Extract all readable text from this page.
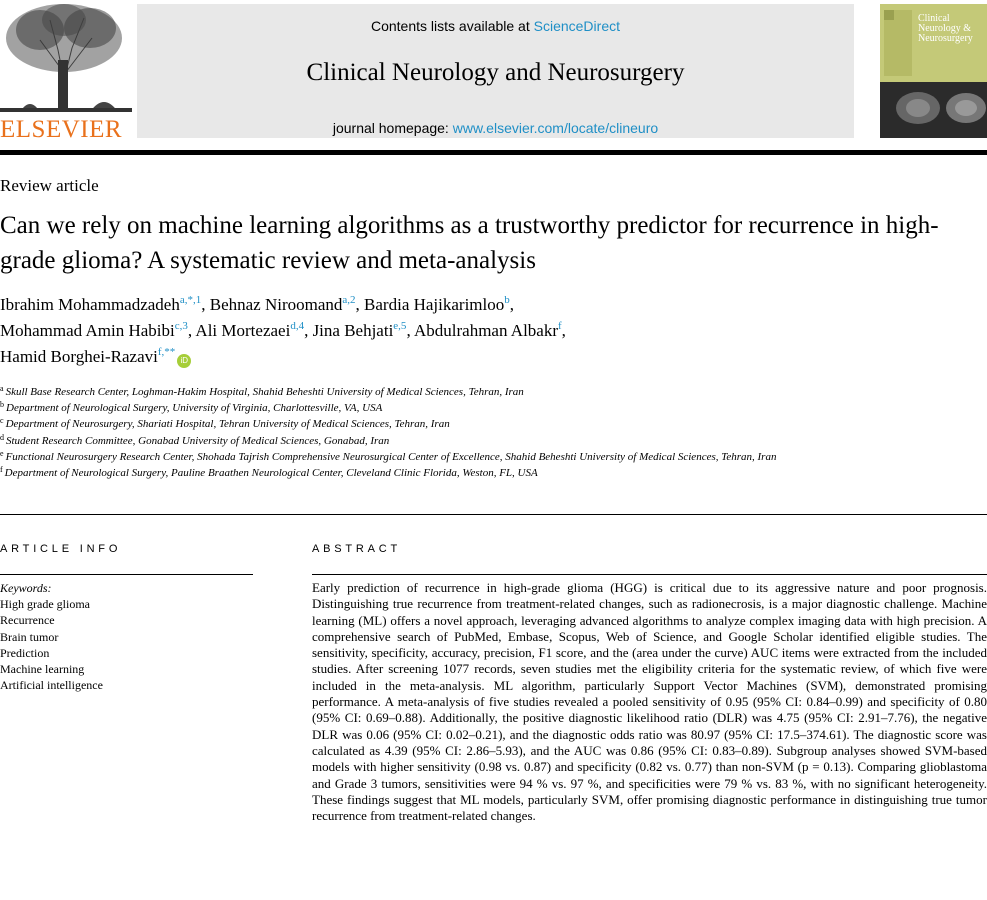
ELSEVIER
Contents lists available at ScienceDirect
Clinical Neurology and Neurosurgery
journal homepage: www.elsevier.com/locate/clineuro
Clinical
Neurology &
Neurosurgery
Review article
Can we rely on machine learning algorithms as a trustworthy predictor for recurrence in high-grade glioma? A systematic review and meta-analysis
Ibrahim Mohammadzadeh$^{a,*,1}$, Behnaz Niroomand$^{a,2}$, Bardia Hajikarimloo$^b$,
Mohammad Amin Habibi$^{c,3}$, Ali Mortezaei$^{d,4}$, Jina Behjati$^{e,5}$, Abdulrahman Albakr$^f$,
Hamid Borghei-Razavi$^{f,**}$iD
$^a$ Skull Base Research Center, Loghman-Hakim Hospital, Shahid Beheshti University of Medical Sciences, Tehran, Iran
$^b$ Department of Neurological Surgery, University of Virginia, Charlottesville, VA, USA
$^c$ Department of Neurosurgery, Shariati Hospital, Tehran University of Medical Sciences, Tehran, Iran
$^d$ Student Research Committee, Gonabad University of Medical Sciences, Gonabad, Iran
$^e$ Functional Neurosurgery Research Center, Shohada Tajrish Comprehensive Neurosurgical Center of Excellence, Shahid Beheshti University of Medical Sciences, Tehran, Iran
$^f$ Department of Neurological Surgery, Pauline Braathen Neurological Center, Cleveland Clinic Florida, Weston, FL, USA
ARTICLE INFO	ABSTRACT
Keywords:
High grade glioma
Recurrence
Brain tumor
Prediction
Machine learning
Artificial intelligence
Early prediction of recurrence in high-grade glioma (HGG) is critical due to its aggressive nature and poor prognosis. Distinguishing true recurrence from treatment-related changes, such as radionecrosis, is a major diagnostic challenge. Machine learning (ML) offers a novel approach, leveraging advanced algorithms to analyze complex imaging data with high precision. A comprehensive search of PubMed, Embase, Scopus, Web of Science, and Google Scholar identified eligible studies. The sensitivity, specificity, accuracy, precision, F1 score, and the (area under the curve) AUC items were extracted from the included studies. After screening 1077 records, seven studies met the eligibility criteria for the systematic review, of which five were included in the meta-analysis. ML algorithm, particularly Support Vector Machines (SVM), demonstrated promising performance. A meta-analysis of five studies revealed a pooled sensitivity of 0.95 (95% CI: 0.84–0.99) and specificity of 0.80 (95% CI: 0.69–0.88). Additionally, the positive diagnostic likelihood ratio (DLR) was 4.75 (95% CI: 2.91–7.76), the negative DLR was 0.06 (95% CI: 0.02–0.21), and the diagnostic odds ratio was 80.97 (95% CI: 17.5–374.61). The diagnostic score was calculated as 4.39 (95% CI: 2.86–5.93), and the AUC was 0.86 (95% CI: 0.83–0.89). Subgroup analyses showed SVM-based models with higher sensitivity (0.98 vs. 0.87) and specificity (0.82 vs. 0.77) than non-SVM (p = 0.13). Comparing glioblastoma and Grade 3 tumors, sensitivities were 94 % vs. 97 %, and specificities were 79 % vs. 83 %, with no significant heterogeneity. These findings suggest that ML models, particularly SVM, offer promising diagnostic performance in distinguishing true tumor recurrence from treatment-related changes.
